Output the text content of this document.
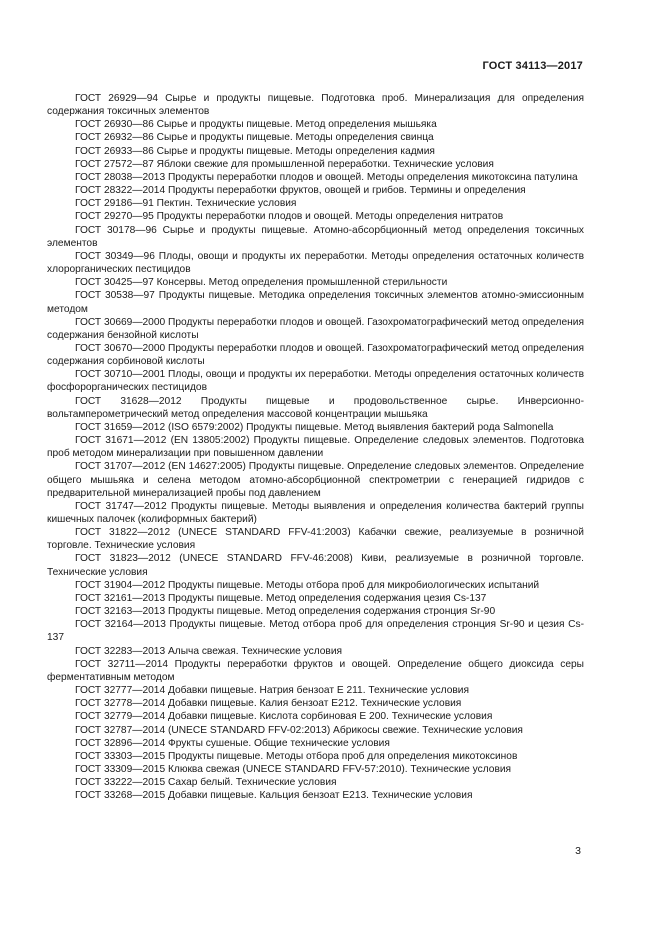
ГОСТ 34113—2017

ГОСТ 26929—94 Сырье и продукты пищевые. Подготовка проб. Минерализация для определения содержания токсичных элементов

ГОСТ 26930—86 Сырье и продукты пищевые. Метод определения мышьяка

ГОСТ 26932—86 Сырье и продукты пищевые. Методы определения свинца

ГОСТ 26933—86 Сырье и продукты пищевые. Методы определения кадмия

ГОСТ 27572—87 Яблоки свежие для промышленной переработки. Технические условия

ГОСТ 28038—2013 Продукты переработки плодов и овощей. Методы определения микотоксина патулина

ГОСТ 28322—2014 Продукты переработки фруктов, овощей и грибов. Термины и определения

ГОСТ 29186—91 Пектин. Технические условия

ГОСТ 29270—95 Продукты переработки плодов и овощей. Методы определения нитратов

ГОСТ 30178—96 Сырье и продукты пищевые. Атомно-абсорбционный метод определения токсичных элементов

ГОСТ 30349—96 Плоды, овощи и продукты их переработки. Методы определения остаточных количеств хлорорганических пестицидов

ГОСТ 30425—97 Консервы. Метод определения промышленной стерильности

ГОСТ 30538—97 Продукты пищевые. Методика определения токсичных элементов атомно-эмиссионным методом

ГОСТ 30669—2000 Продукты переработки плодов и овощей. Газохроматографический метод определения содержания бензойной кислоты

ГОСТ 30670—2000 Продукты переработки плодов и овощей. Газохроматографический метод определения содержания сорбиновой кислоты

ГОСТ 30710—2001 Плоды, овощи и продукты их переработки. Методы определения остаточных количеств фосфорорганических пестицидов

ГОСТ 31628—2012 Продукты пищевые и продовольственное сырье. Инверсионно-вольтамперометрический метод определения массовой концентрации мышьяка

ГОСТ 31659—2012 (ISO 6579:2002) Продукты пищевые. Метод выявления бактерий рода Salmonella

ГОСТ 31671—2012 (EN 13805:2002) Продукты пищевые. Определение следовых элементов. Подготовка проб методом минерализации при повышенном давлении

ГОСТ 31707—2012 (EN 14627:2005) Продукты пищевые. Определение следовых элементов. Определение общего мышьяка и селена методом атомно-абсорбционной спектрометрии с генерацией гидридов с предварительной минерализацией пробы под давлением

ГОСТ 31747—2012 Продукты пищевые. Методы выявления и определения количества бактерий группы кишечных палочек (колиформных бактерий)

ГОСТ 31822—2012 (UNECE STANDARD FFV-41:2003) Кабачки свежие, реализуемые в розничной торговле. Технические условия

ГОСТ 31823—2012 (UNECE STANDARD FFV-46:2008) Киви, реализуемые в розничной торговле. Технические условия

ГОСТ 31904—2012 Продукты пищевые. Методы отбора проб для микробиологических испытаний

ГОСТ 32161—2013 Продукты пищевые. Метод определения содержания цезия Cs-137

ГОСТ 32163—2013 Продукты пищевые. Метод определения содержания стронция Sr-90

ГОСТ 32164—2013 Продукты пищевые. Метод отбора проб для определения стронция Sr-90 и цезия Cs-137

ГОСТ 32283—2013 Алыча свежая. Технические условия

ГОСТ 32711—2014 Продукты переработки фруктов и овощей. Определение общего диоксида серы ферментативным методом

ГОСТ 32777—2014 Добавки пищевые. Натрия бензоат Е 211. Технические условия

ГОСТ 32778—2014 Добавки пищевые. Калия бензоат Е212. Технические условия

ГОСТ 32779—2014 Добавки пищевые. Кислота сорбиновая Е 200. Технические условия

ГОСТ 32787—2014 (UNECE STANDARD FFV-02:2013) Абрикосы свежие. Технические условия

ГОСТ 32896—2014 Фрукты сушеные. Общие технические условия

ГОСТ 33303—2015 Продукты пищевые. Методы отбора проб для определения микотоксинов

ГОСТ 33309—2015 Клюква свежая (UNECE STANDARD FFV-57:2010). Технические условия

ГОСТ 33222—2015 Сахар белый. Технические условия

ГОСТ 33268—2015 Добавки пищевые. Кальция бензоат Е213. Технические условия

3
